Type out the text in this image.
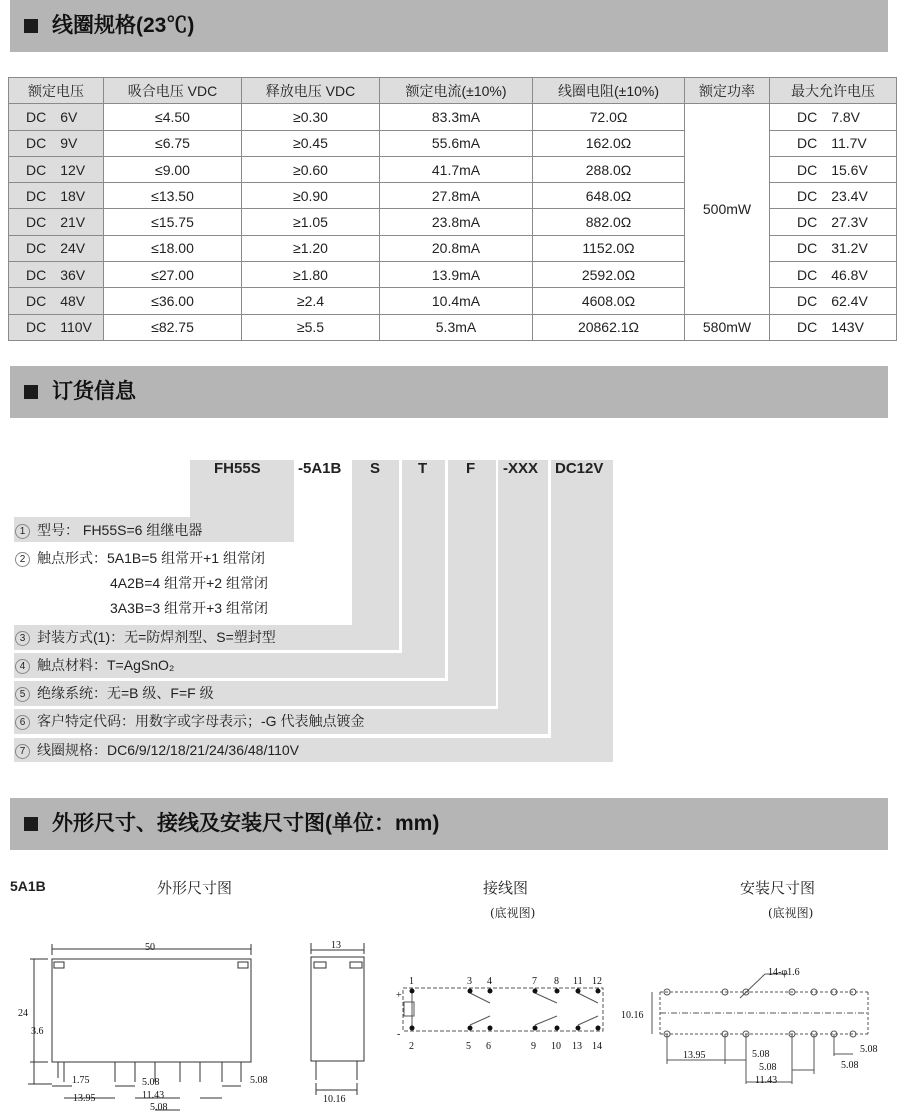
线圈规格(23℃)
额定电压	吸合电压 VDC	释放电压 VDC	额定电流(±10%)	线圈电阻(±10%)	额定功率	最大允许电压
DC　6V	≤4.50	≥0.30	83.3mA	72.0Ω	500mW	DC　7.8V
DC　9V	≤6.75	≥0.45	55.6mA	162.0Ω		DC　11.7V
DC　12V	≤9.00	≥0.60	41.7mA	288.0Ω		DC　15.6V
DC　18V	≤13.50	≥0.90	27.8mA	648.0Ω		DC　23.4V
DC　21V	≤15.75	≥1.05	23.8mA	882.0Ω		DC　27.3V
DC　24V	≤18.00	≥1.20	20.8mA	1152.0Ω		DC　31.2V
DC　36V	≤27.00	≥1.80	13.9mA	2592.0Ω		DC　46.8V
DC　48V	≤36.00	≥2.4	10.4mA	4608.0Ω		DC　62.4V
DC　110V	≤82.75	≥5.5	5.3mA	20862.1Ω	580mW	DC　143V
订货信息
FH55S -5A1B S	T	F -XXX DC12V
1 型号： FH55S=6 组继电器
2 触点形式：5A1B=5 组常开+1 组常闭
4A2B=4 组常开+2 组常闭
3A3B=3 组常开+3 组常闭
3 封装方式(1)：无=防焊剂型、S=塑封型
4 触点材料：T=AgSnO₂
5 绝缘系统：无=B 级、F=F 级
6 客户特定代码：用数字或字母表示；-G 代表触点镀金
7 线圈规格：DC6/9/12/18/21/24/36/48/110V
外形尺寸、接线及安装尺寸图(单位：mm)
5A1B	外形尺寸图	接线图
(底视图)
安装尺寸图
(底视图)
50
24
3.6
1.75
13.95
5.08
11.43
5.08
5.08
13
10.16
+
-
1	3 4	7 8 11 12
2	5 6	9 10 13 14
14-φ1.6
10.16
13.95	5.08
5.08
11.43
5.08
5.08
